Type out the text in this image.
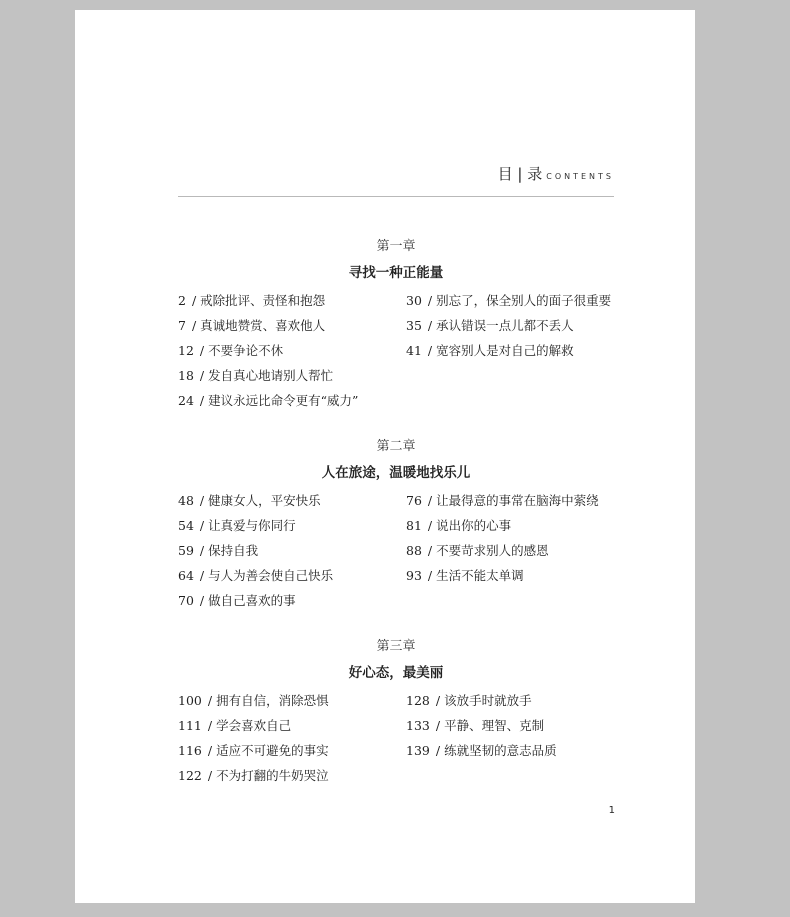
目 | 录 CONTENTS
第一章
寻找一种正能量
2 / 戒除批评、责怪和抱怨
7 / 真诚地赞赏、喜欢他人
12 / 不要争论不休
18 / 发自真心地请别人帮忙
24 / 建议永远比命令更有“威力”
30 / 别忘了，保全别人的面子很重要
35 / 承认错误一点儿都不丢人
41 / 宽容别人是对自己的解救
第二章
人在旅途，温暖地找乐儿
48 / 健康女人，平安快乐
54 / 让真爱与你同行
59 / 保持自我
64 / 与人为善会使自己快乐
70 / 做自己喜欢的事
76 / 让最得意的事常在脑海中萦绕
81 / 说出你的心事
88 / 不要苛求别人的感恩
93 / 生活不能太单调
第三章
好心态，最美丽
100 / 拥有自信，消除恐惧
111 / 学会喜欢自己
116 / 适应不可避免的事实
122 / 不为打翻的牛奶哭泣
128 / 该放手时就放手
133 / 平静、理智、克制
139 / 练就坚韧的意志品质
1
